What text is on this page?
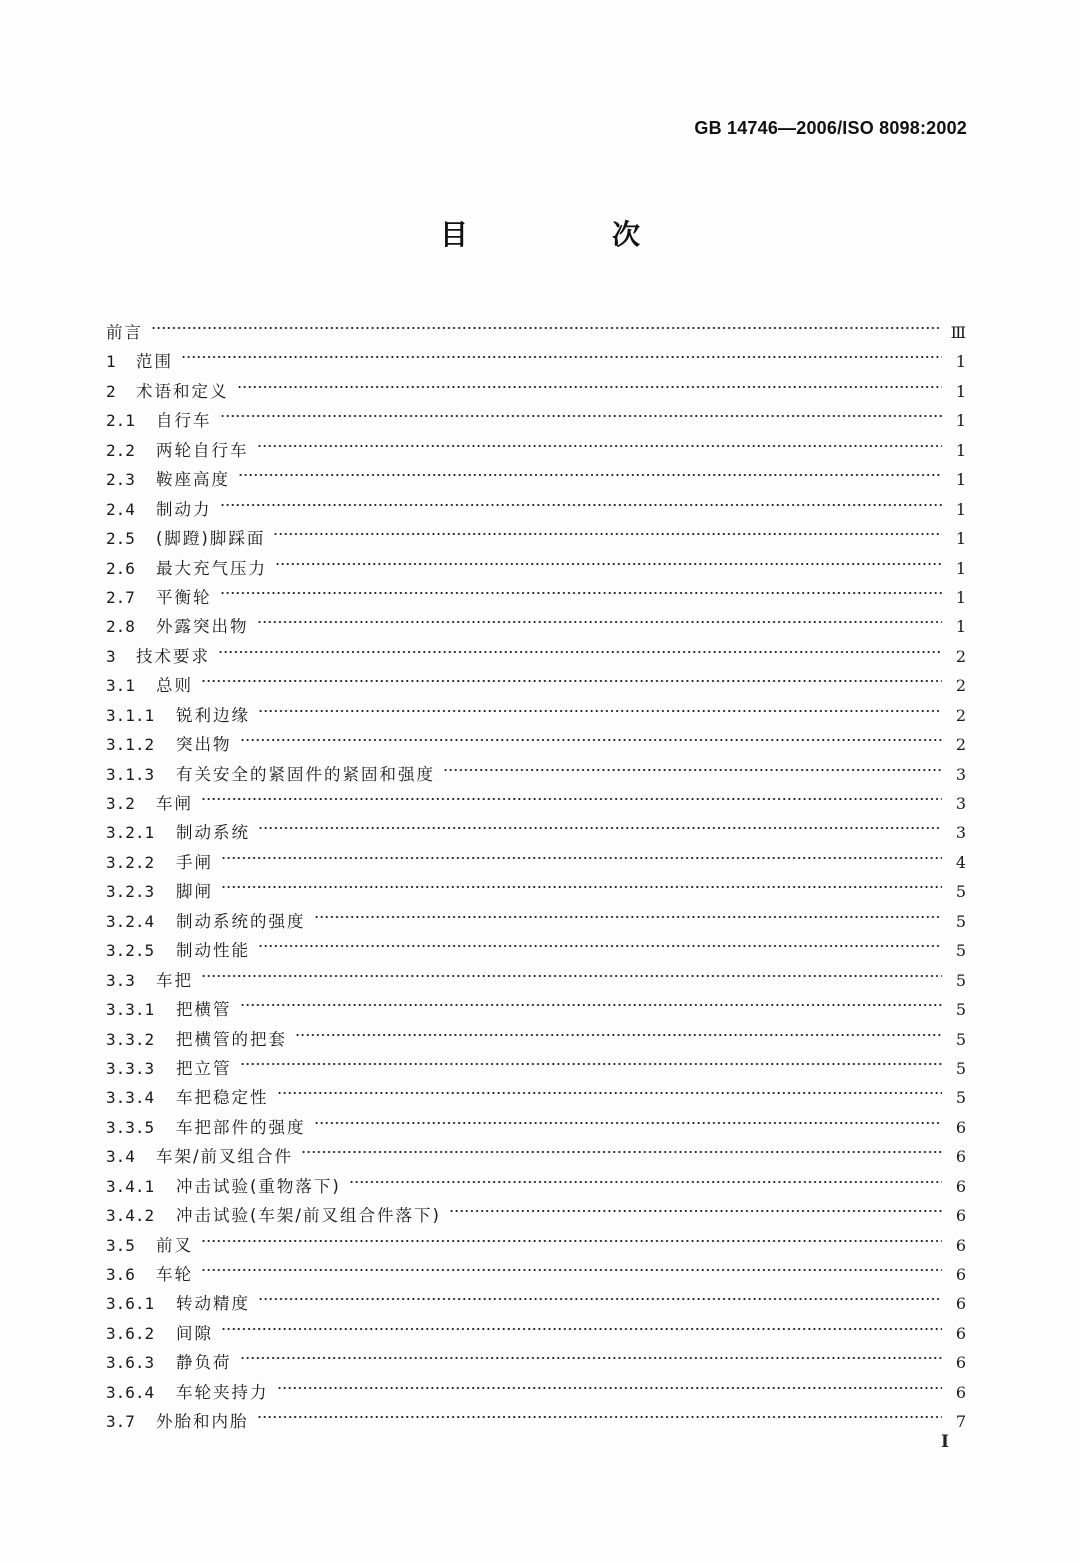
GB 14746—2006/ISO 8098:2002
目　次
前言	Ⅲ
1	范围	1
2	术语和定义	1
2.1	自行车	1
2.2	两轮自行车	1
2.3	鞍座高度	1
2.4	制动力	1
2.5	(脚蹬)脚踩面	1
2.6	最大充气压力	1
2.7	平衡轮	1
2.8	外露突出物	1
3	技术要求	2
3.1	总则	2
3.1.1	锐利边缘	2
3.1.2	突出物	2
3.1.3	有关安全的紧固件的紧固和强度	3
3.2	车闸	3
3.2.1	制动系统	3
3.2.2	手闸	4
3.2.3	脚闸	5
3.2.4	制动系统的强度	5
3.2.5	制动性能	5
3.3	车把	5
3.3.1	把横管	5
3.3.2	把横管的把套	5
3.3.3	把立管	5
3.3.4	车把稳定性	5
3.3.5	车把部件的强度	6
3.4	车架/前叉组合件	6
3.4.1	冲击试验(重物落下)	6
3.4.2	冲击试验(车架/前叉组合件落下)	6
3.5	前叉	6
3.6	车轮	6
3.6.1	转动精度	6
3.6.2	间隙	6
3.6.3	静负荷	6
3.6.4	车轮夹持力	6
3.7	外胎和内胎	7
I
